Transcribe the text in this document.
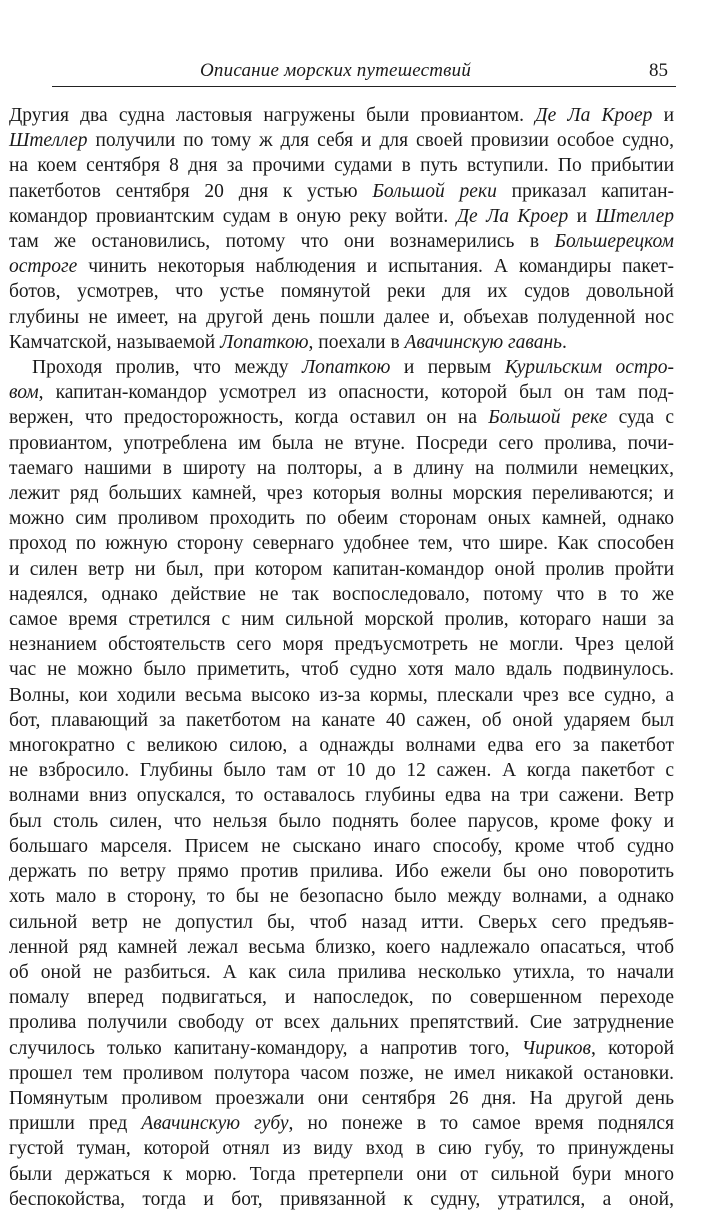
Описание морских путешествий	85
Другия два судна ластовыя нагружены были провиантом. Де Ла Кроер и
Штеллер получили по тому ж для себя и для своей провизии особое судно,
на коем сентября 8 дня за прочими судами в путь вступили. По прибытии
пакетботов сентября 20 дня к устью Большой реки приказал капитан-
командор провиантским судам в оную реку войти. Де Ла Кроер и Штеллер
там же остановились, потому что они вознамерились в Большерецком
остроге чинить некоторыя наблюдения и испытания. А командиры пакет-
ботов, усмотрев, что устье помянутой реки для их судов довольной
глубины не имеет, на другой день пошли далее и, объехав полуденной нос
Камчатской, называемой Лопаткою, поехали в Авачинскую гавань.
Проходя пролив, что между Лопаткою и первым Курильским остро-
вом, капитан-командор усмотрел из опасности, которой был он там под-
вержен, что предосторожность, когда оставил он на Большой реке суда с
провиантом, употреблена им была не втуне. Посреди сего пролива, почи-
таемаго нашими в широту на полторы, а в длину на полмили немецких,
лежит ряд больших камней, чрез которыя волны морския переливаются; и
можно сим проливом проходить по обеим сторонам оных камней, однако
проход по южную сторону севернаго удобнее тем, что шире. Как способен
и силен ветр ни был, при котором капитан-командор оной пролив пройти
надеялся, однако действие не так воспоследовало, потому что в то же
самое время стретился с ним сильной морской пролив, котораго наши за
незнанием обстоятельств сего моря предъусмотреть не могли. Чрез целой
час не можно было приметить, чтоб судно хотя мало вдаль подвинулось.
Волны, кои ходили весьма высоко из-за кормы, плескали чрез все судно, а
бот, плавающий за пакетботом на канате 40 сажен, об оной ударяем был
многократно с великою силою, а однажды волнами едва его за пакетбот
не взбросило. Глубины было там от 10 до 12 сажен. А когда пакетбот с
волнами вниз опускался, то оставалось глубины едва на три сажени. Ветр
был столь силен, что нельзя было поднять более парусов, кроме фоку и
большаго марселя. Присем не сыскано инаго способу, кроме чтоб судно
держать по ветру прямо против прилива. Ибо ежели бы оно поворотить
хоть мало в сторону, то бы не безопасно было между волнами, а однако
сильной ветр не допустил бы, чтоб назад итти. Сверьх сего предъяв-
ленной ряд камней лежал весьма близко, коего надлежало опасаться, чтоб
об оной не разбиться. А как сила прилива несколько утихла, то начали
помалу вперед подвигаться, и напоследок, по совершенном переходе
пролива получили свободу от всех дальних препятствий. Сие затруднение
случилось только капитану-командору, а напротив того, Чириков, которой
прошел тем проливом полутора часом позже, не имел никакой остановки.
Помянутым проливом проезжали они сентября 26 дня. На другой день
пришли пред Авачинскую губу, но понеже в то самое время поднялся
густой туман, которой отнял из виду вход в сию губу, то принуждены
были держаться к морю. Тогда претерпели они от сильной бури много
беспокойства, тогда и бот, привязанной к судну, утратился, а оной,
